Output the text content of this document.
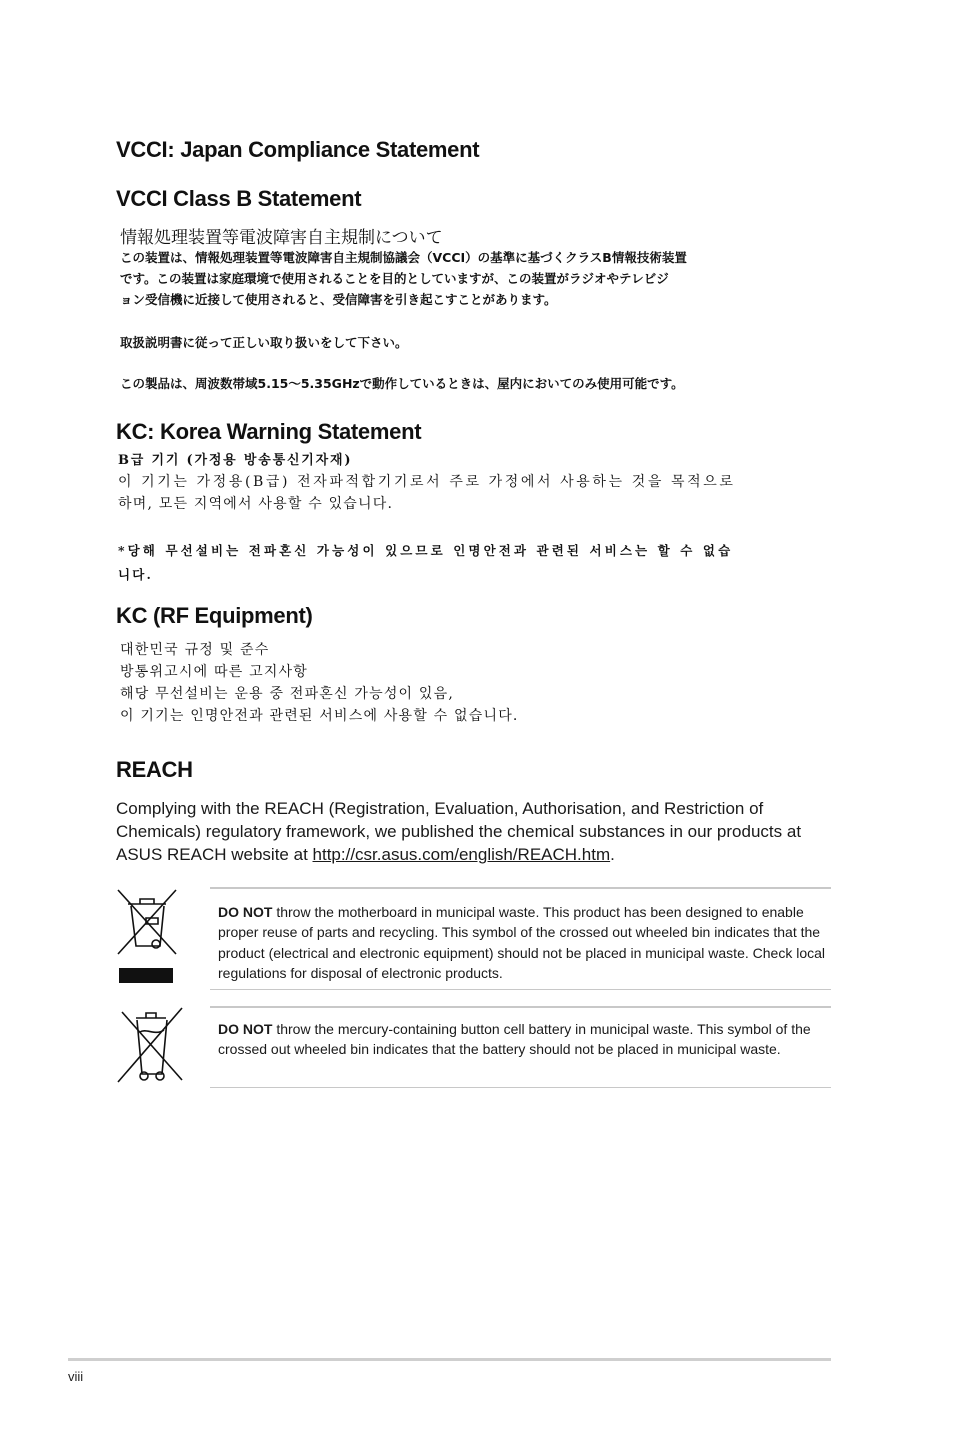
VCCI: Japan Compliance Statement
VCCI Class B Statement
情報処理装置等電波障害自主規制について
この装置は、情報処理装置等電波障害自主規制協議会（VCCI）の基準に基づくクラスB情報技術装置
です。この装置は家庭環境で使用されることを目的としていますが、この装置がラジオやテレビジ
ョン受信機に近接して使用されると、受信障害を引き起こすことがあります。
取扱説明書に従って正しい取り扱いをして下さい。
この製品は、周波数帯域5.15〜5.35GHzで動作しているときは、屋内においてのみ使用可能です。
KC: Korea Warning Statement
B급 기기 (가정용 방송통신기자재)
이 기기는 가정용(B급) 전자파적합기기로서 주로 가정에서 사용하는 것을 목적으로
하며, 모든 지역에서 사용할 수 있습니다.
*당해 무선설비는 전파혼신 가능성이 있으므로 인명안전과 관련된 서비스는 할 수 없습
니다.
KC (RF Equipment)
대한민국 규정 및 준수
방통위고시에 따른 고지사항
해당 무선설비는 운용 중 전파혼신 가능성이 있음,
이 기기는 인명안전과 관련된 서비스에 사용할 수 없습니다.
REACH
Complying with the REACH (Registration, Evaluation, Authorisation, and Restriction of Chemicals) regulatory framework, we published the chemical substances in our products at ASUS REACH website at http://csr.asus.com/english/REACH.htm.

DO NOT throw the motherboard in municipal waste. This product has been designed to enable proper reuse of parts and recycling. This symbol of the crossed out wheeled bin indicates that the product (electrical and electronic equipment) should not be placed in municipal waste. Check local regulations for disposal of electronic products.

DO NOT throw the mercury-containing button cell battery in municipal waste. This symbol of the crossed out wheeled bin indicates that the battery should not be placed in municipal waste.

viii
